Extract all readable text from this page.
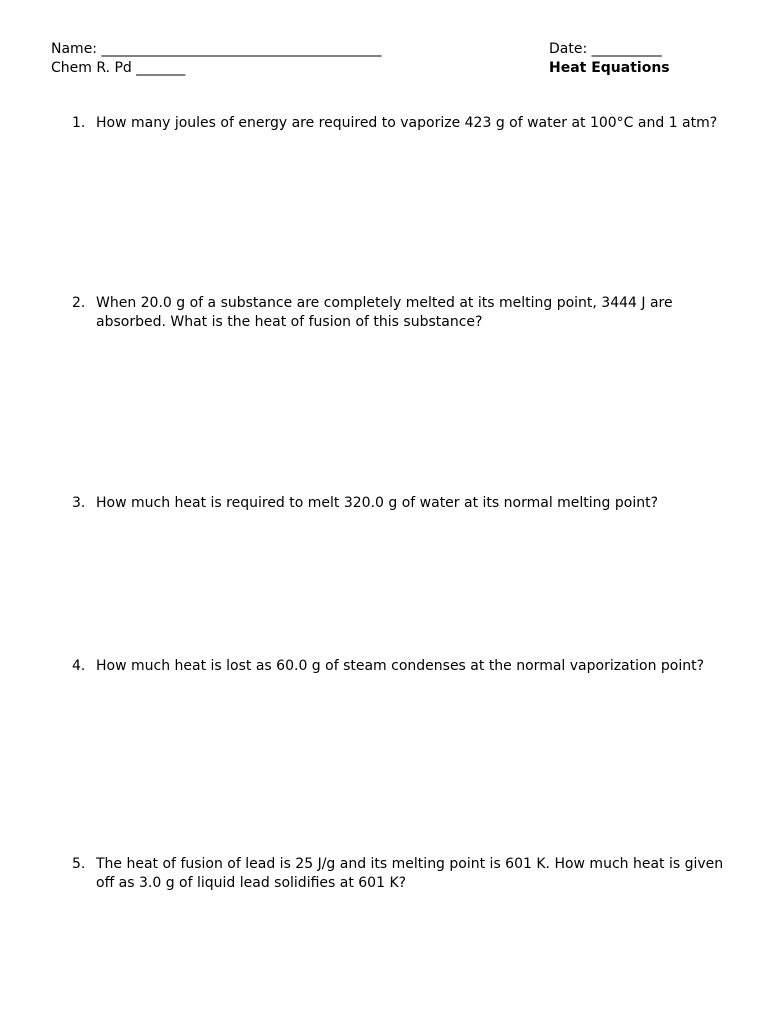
Name: ________________________________________
Chem R. Pd _______
Date: __________
Heat Equations
1. How many joules of energy are required to vaporize 423 g of water at 100°C and 1 atm?
2. When 20.0 g of a substance are completely melted at its melting point, 3444 J are absorbed. What is the heat of fusion of this substance?
3. How much heat is required to melt 320.0 g of water at its normal melting point?
4. How much heat is lost as 60.0 g of steam condenses at the normal vaporization point?
5. The heat of fusion of lead is 25 J/g and its melting point is 601 K. How much heat is given off as 3.0 g of liquid lead solidifies at 601 K?
